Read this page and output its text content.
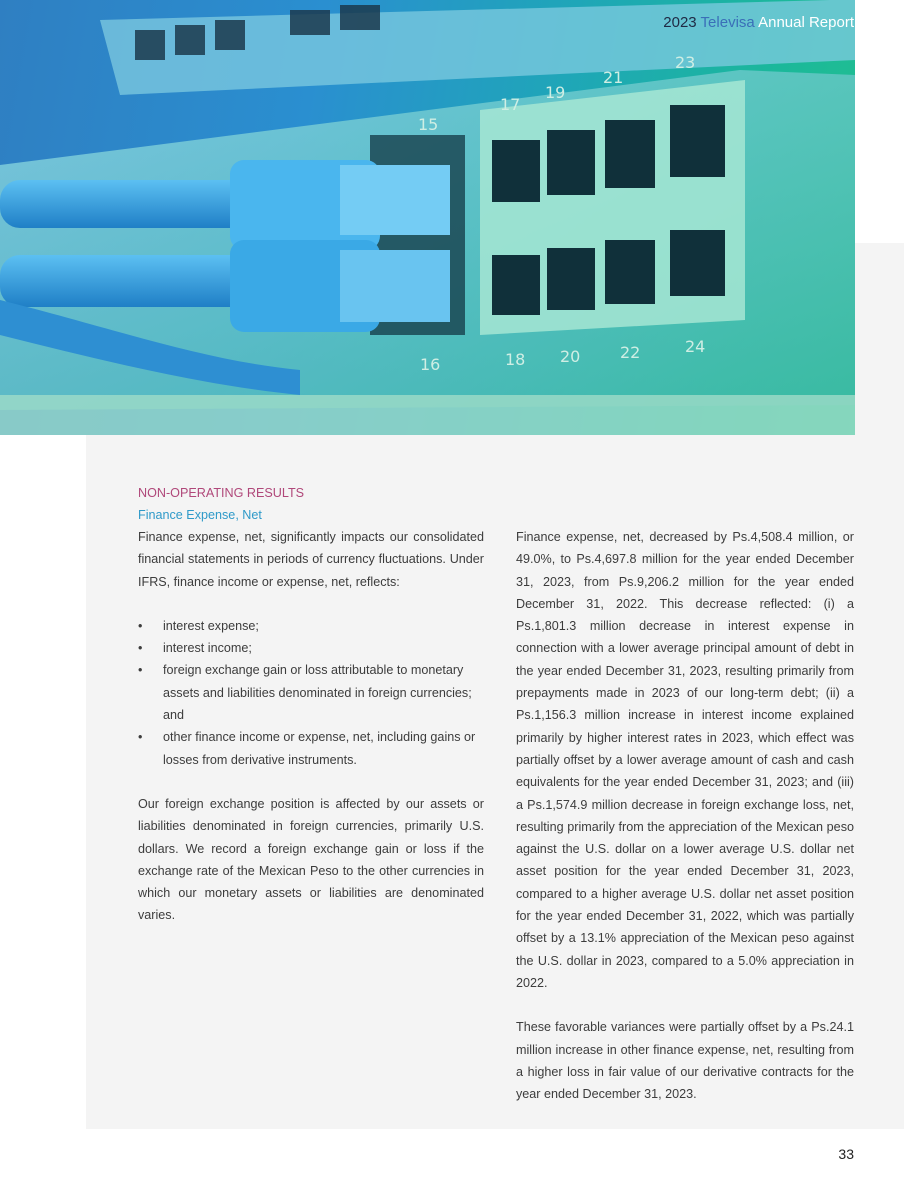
17
19
21
23
18 20 22	24
15
16
2023 Televisa Annual Report
NON-OPERATING RESULTS
Finance Expense, Net

Finance expense, net, significantly impacts our consolidated financial statements in periods of currency fluctuations. Under IFRS, finance income or expense, net, reflects:

• interest expense;
• interest income;
• foreign exchange gain or loss attributable to monetary assets and liabilities denominated in foreign currencies; and
• other finance income or expense, net, including gains or losses from derivative instruments.

Our foreign exchange position is affected by our assets or liabilities denominated in foreign currencies, primarily U.S. dollars. We record a foreign exchange gain or loss if the exchange rate of the Mexican Peso to the other currencies in which our monetary assets or liabilities are denominated varies.

Finance expense, net, decreased by Ps.4,508.4 million, or 49.0%, to Ps.4,697.8 million for the year ended December 31, 2023, from Ps.9,206.2 million for the year ended December 31, 2022. This decrease reflected: (i) a Ps.1,801.3 million decrease in interest expense in connection with a lower average principal amount of debt in the year ended December 31, 2023, resulting primarily from prepayments made in 2023 of our long-term debt; (ii) a Ps.1,156.3 million increase in interest income explained primarily by higher interest rates in 2023, which effect was partially offset by a lower average amount of cash and cash equivalents for the year ended December 31, 2023; and (iii) a Ps.1,574.9 million decrease in foreign exchange loss, net, resulting primarily from the appreciation of the Mexican peso against the U.S. dollar on a lower average U.S. dollar net asset position for the year ended December 31, 2023, compared to a higher average U.S. dollar net asset position for the year ended December 31, 2022, which was partially offset by a 13.1% appreciation of the Mexican peso against the U.S. dollar in 2023, compared to a 5.0% appreciation in 2022.

These favorable variances were partially offset by a Ps.24.1 million increase in other finance expense, net, resulting from a higher loss in fair value of our derivative contracts for the year ended December 31, 2023.

33
